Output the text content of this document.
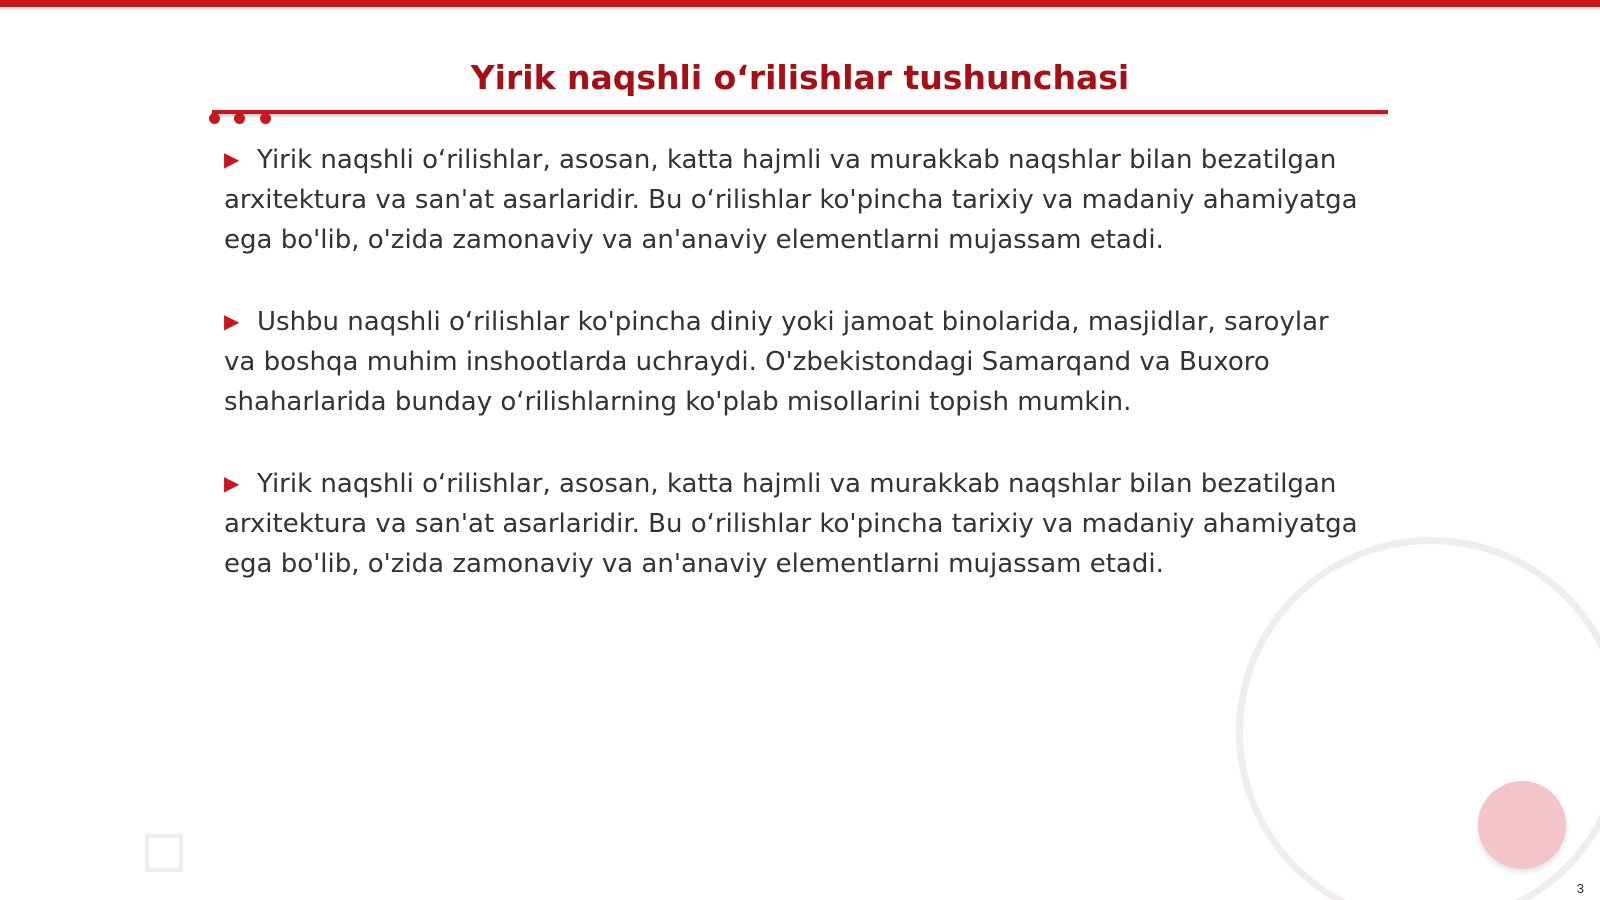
Yirik naqshli o‘rilishlar tushunchasi

▶ Yirik naqshli o‘rilishlar, asosan, katta hajmli va murakkab naqshlar bilan bezatilgan arxitektura va san'at asarlaridir. Bu o‘rilishlar ko'pincha tarixiy va madaniy ahamiyatga ega bo'lib, o'zida zamonaviy va an'anaviy elementlarni mujassam etadi.

▶ Ushbu naqshli o‘rilishlar ko'pincha diniy yoki jamoat binolarida, masjidlar, saroylar va boshqa muhim inshootlarda uchraydi. O'zbekistondagi Samarqand va Buxoro shaharlarida bunday o‘rilishlarning ko'plab misollarini topish mumkin.

▶ Yirik naqshli o‘rilishlar, asosan, katta hajmli va murakkab naqshlar bilan bezatilgan arxitektura va san'at asarlaridir. Bu o‘rilishlar ko'pincha tarixiy va madaniy ahamiyatga ega bo'lib, o'zida zamonaviy va an'anaviy elementlarni mujassam etadi.

3
